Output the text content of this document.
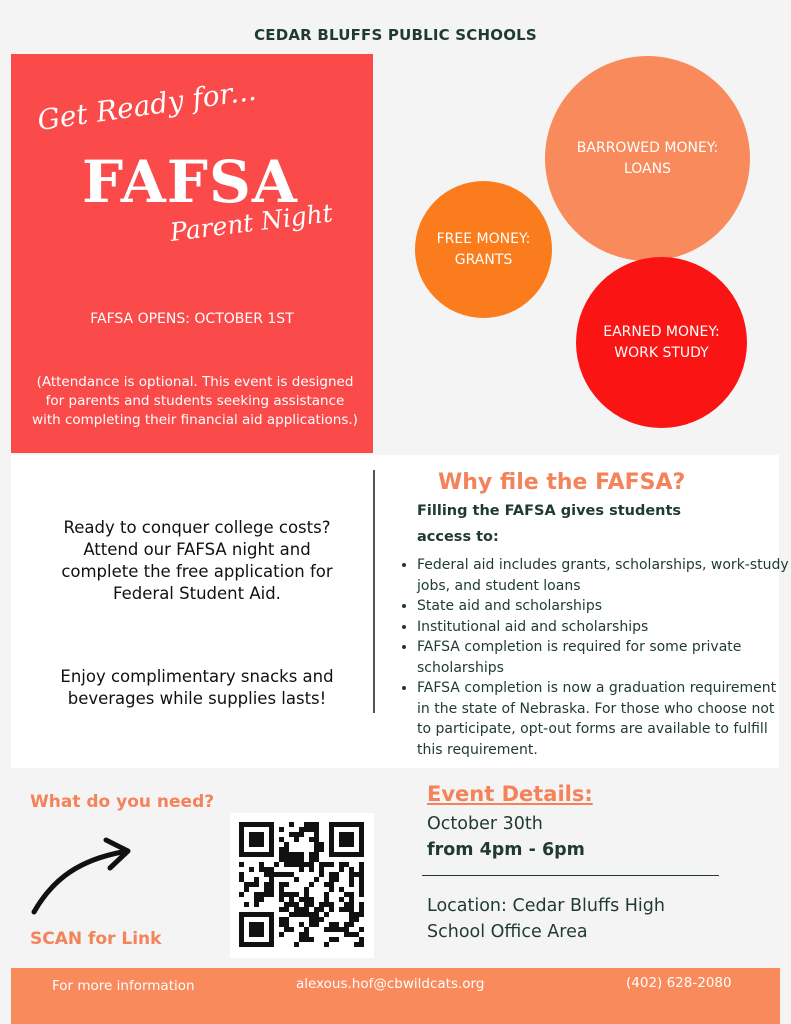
CEDAR BLUFFS PUBLIC SCHOOLS
Get Ready for...
FAFSA
Parent Night
FAFSA OPENS: OCTOBER 1ST
(Attendance is optional. This event is designed for parents and students seeking assistance with completing their financial aid applications.)
BARROWED MONEY:
LOANS
FREE MONEY:
GRANTS
EARNED MONEY:
WORK STUDY
Ready to conquer college costs? Attend our FAFSA night and complete the free application for Federal Student Aid.
Enjoy complimentary snacks and beverages while supplies lasts!
Why file the FAFSA?
Filling the FAFSA gives students access to:
• Federal aid includes grants, scholarships, work-study jobs, and student loans
• State aid and scholarships
• Institutional aid and scholarships
• FAFSA completion is required for some private scholarships
• FAFSA completion is now a graduation requirement in the state of Nebraska. For those who choose not to participate, opt-out forms are available to fulfill this requirement.
What do you need?
SCAN for Link
Event Details:
October 30th
from 4pm - 6pm
Location: Cedar Bluffs High School Office Area
For more information	alexous.hof@cbwildcats.org	(402) 628-2080
